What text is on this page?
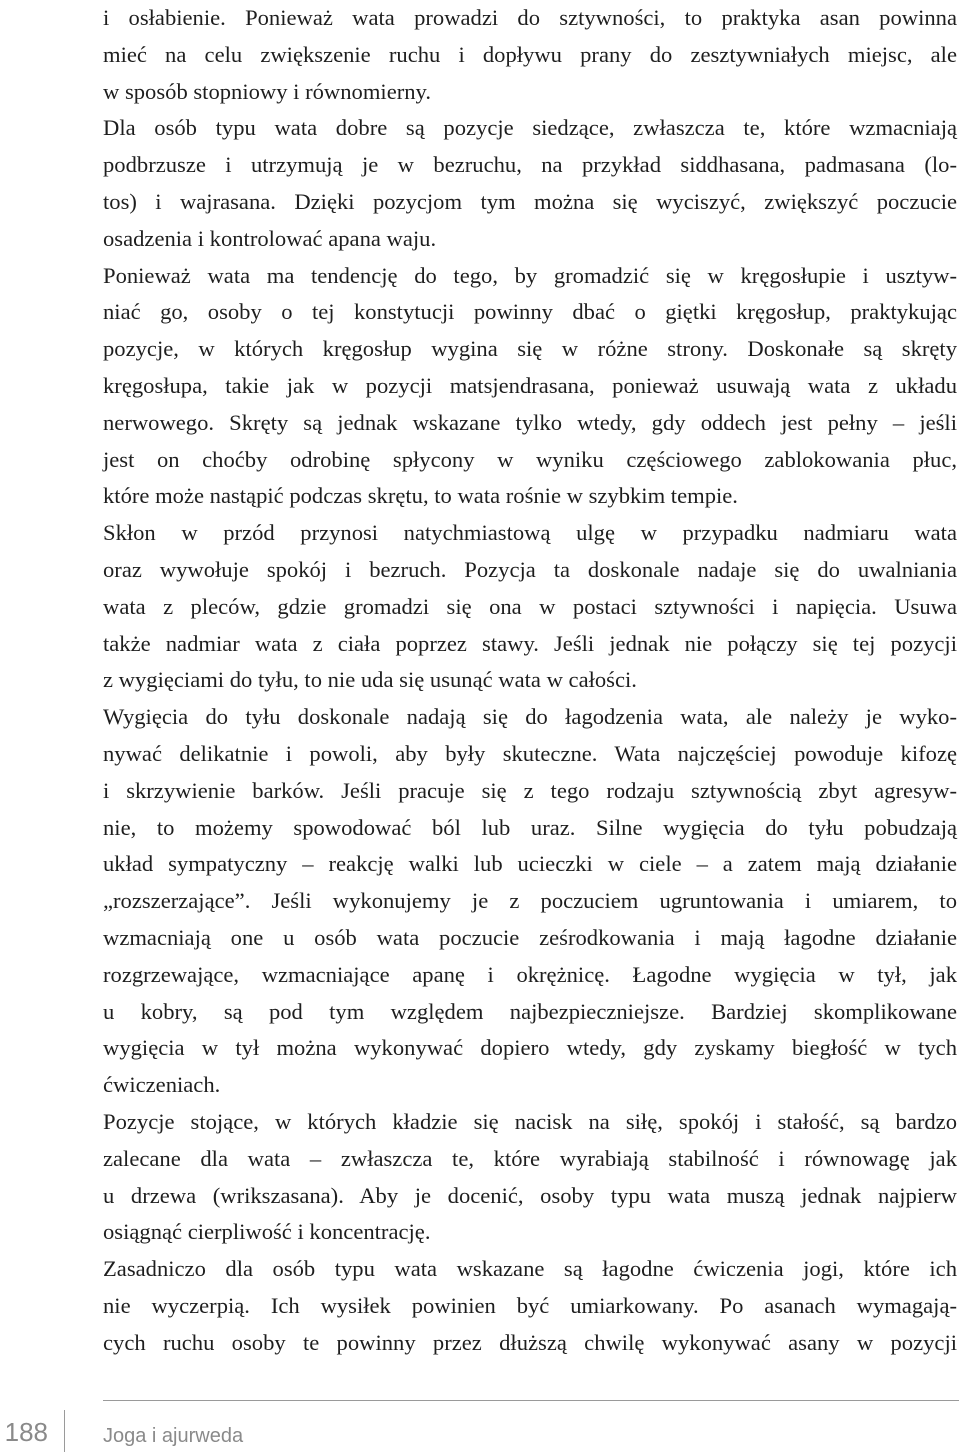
i osłabienie. Ponieważ wata prowadzi do sztywności, to praktyka asan powinna
mieć na celu zwiększenie ruchu i dopływu prany do zesztywniałych miejsc, ale
w sposób stopniowy i równomierny.

Dla osób typu wata dobre są pozycje siedzące, zwłaszcza te, które wzmacniają
podbrzusze i utrzymują je w bezruchu, na przykład siddhasana, padmasana (lo-
tos) i wajrasana. Dzięki pozycjom tym można się wyciszyć, zwiększyć poczucie
osadzenia i kontrolować apana waju.

Ponieważ wata ma tendencję do tego, by gromadzić się w kręgosłupie i usztyw-
niać go, osoby o tej konstytucji powinny dbać o giętki kręgosłup, praktykując
pozycje, w których kręgosłup wygina się w różne strony. Doskonałe są skręty
kręgosłupa, takie jak w pozycji matsjendrasana, ponieważ usuwają wata z układu
nerwowego. Skręty są jednak wskazane tylko wtedy, gdy oddech jest pełny – jeśli
jest on choćby odrobinę spłycony w wyniku częściowego zablokowania płuc,
które może nastąpić podczas skrętu, to wata rośnie w szybkim tempie.

Skłon w przód przynosi natychmiastową ulgę w przypadku nadmiaru wata
oraz wywołuje spokój i bezruch. Pozycja ta doskonale nadaje się do uwalniania
wata z pleców, gdzie gromadzi się ona w postaci sztywności i napięcia. Usuwa
także nadmiar wata z ciała poprzez stawy. Jeśli jednak nie połączy się tej pozycji
z wygięciami do tyłu, to nie uda się usunąć wata w całości.

Wygięcia do tyłu doskonale nadają się do łagodzenia wata, ale należy je wyko-
nywać delikatnie i powoli, aby były skuteczne. Wata najczęściej powoduje kifozę
i skrzywienie barków. Jeśli pracuje się z tego rodzaju sztywnością zbyt agresyw-
nie, to możemy spowodować ból lub uraz. Silne wygięcia do tyłu pobudzają
układ sympatyczny – reakcję walki lub ucieczki w ciele – a zatem mają działanie
„rozszerzające”. Jeśli wykonujemy je z poczuciem ugruntowania i umiarem, to
wzmacniają one u osób wata poczucie ześrodkowania i mają łagodne działanie
rozgrzewające, wzmacniające apanę i okrężnicę. Łagodne wygięcia w tył, jak
u kobry, są pod tym względem najbezpieczniejsze. Bardziej skomplikowane
wygięcia w tył można wykonywać dopiero wtedy, gdy zyskamy biegłość w tych
ćwiczeniach.

Pozycje stojące, w których kładzie się nacisk na siłę, spokój i stałość, są bardzo
zalecane dla wata – zwłaszcza te, które wyrabiają stabilność i równowagę jak
u drzewa (wrikszasana). Aby je docenić, osoby typu wata muszą jednak najpierw
osiągnąć cierpliwość i koncentrację.

Zasadniczo dla osób typu wata wskazane są łagodne ćwiczenia jogi, które ich
nie wyczerpią. Ich wysiłek powinien być umiarkowany. Po asanach wymagają-
cych ruchu osoby te powinny przez dłuższą chwilę wykonywać asany w pozycji

188	Joga i ajurweda
